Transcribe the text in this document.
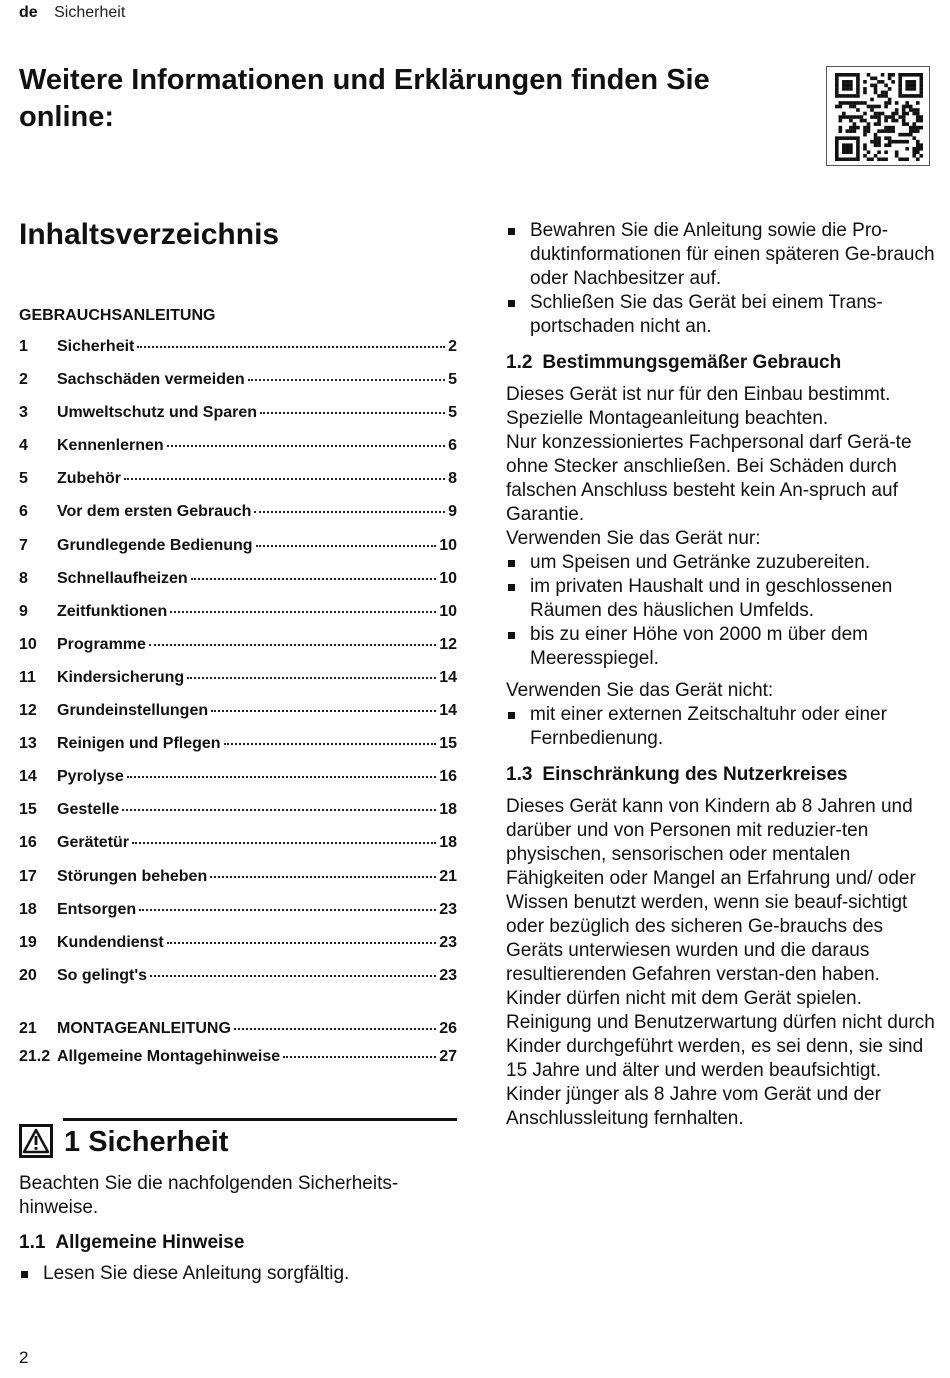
de Sicherheit
Weitere Informationen und Erklärungen finden Sie online:
Inhaltsverzeichnis
GEBRAUCHSANLEITUNG
1	Sicherheit	2
2	Sachschäden vermeiden	5
3	Umweltschutz und Sparen	5
4	Kennenlernen	6
5	Zubehör	8
6	Vor dem ersten Gebrauch	9
7	Grundlegende Bedienung	10
8	Schnellaufheizen	10
9	Zeitfunktionen	10
10	Programme	12
11	Kindersicherung	14
12	Grundeinstellungen	14
13	Reinigen und Pflegen	15
14	Pyrolyse	16
15	Gestelle	18
16	Gerätetür	18
17	Störungen beheben	21
18	Entsorgen	23
19	Kundendienst	23
20	So gelingt's	23
21	MONTAGEANLEITUNG	26
21.2 Allgemeine Montagehinweise	27
1 Sicherheit

Beachten Sie die nachfolgenden Sicherheits-hinweise.

1.1 Allgemeine Hinweise

Lesen Sie diese Anleitung sorgfältig.

Bewahren Sie die Anleitung sowie die Pro-duktinformationen für einen späteren Ge-brauch oder Nachbesitzer auf.

Schließen Sie das Gerät bei einem Trans-portschaden nicht an.

1.2 Bestimmungsgemäßer Gebrauch

Dieses Gerät ist nur für den Einbau bestimmt. Spezielle Montageanleitung beachten.

Nur konzessioniertes Fachpersonal darf Gerä-te ohne Stecker anschließen. Bei Schäden durch falschen Anschluss besteht kein An-spruch auf Garantie.

Verwenden Sie das Gerät nur:

um Speisen und Getränke zuzubereiten.

im privaten Haushalt und in geschlossenen Räumen des häuslichen Umfelds.

bis zu einer Höhe von 2000 m über dem Meeresspiegel.

Verwenden Sie das Gerät nicht:

mit einer externen Zeitschaltuhr oder einer Fernbedienung.

1.3 Einschränkung des Nutzerkreises

Dieses Gerät kann von Kindern ab 8 Jahren und darüber und von Personen mit reduzier-ten physischen, sensorischen oder mentalen Fähigkeiten oder Mangel an Erfahrung und/ oder Wissen benutzt werden, wenn sie beauf-sichtigt oder bezüglich des sicheren Ge-brauchs des Geräts unterwiesen wurden und die daraus resultierenden Gefahren verstan-den haben.

Kinder dürfen nicht mit dem Gerät spielen.

Reinigung und Benutzerwartung dürfen nicht durch Kinder durchgeführt werden, es sei denn, sie sind 15 Jahre und älter und werden beaufsichtigt.

Kinder jünger als 8 Jahre vom Gerät und der Anschlussleitung fernhalten.

2
